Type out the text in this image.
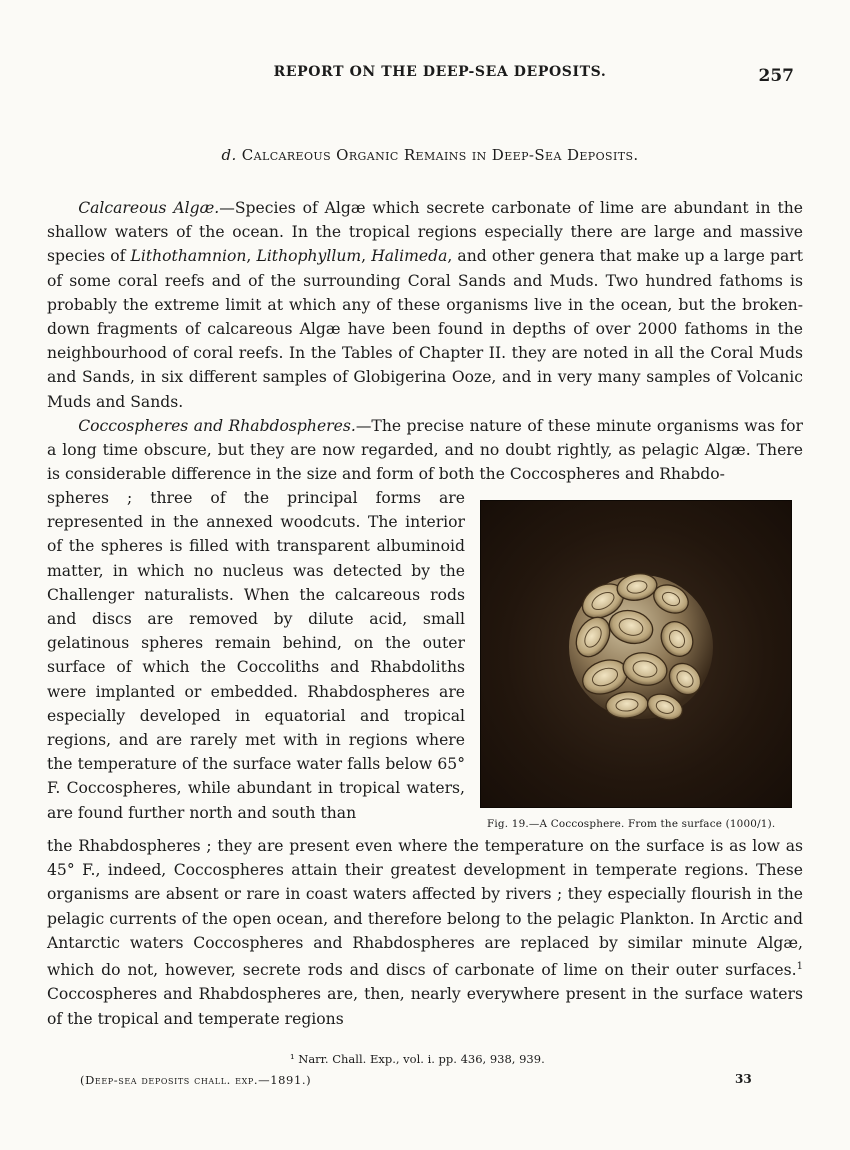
REPORT ON THE DEEP-SEA DEPOSITS.	257
d. Calcareous Organic Remains in Deep-Sea Deposits.

  Calcareous Algæ.—Species of Algæ which secrete carbonate of lime are abundant in the shallow waters of the ocean. In the tropical regions especially there are large and massive species of Lithothamnion, Lithophyllum, Halimeda, and other genera that make up a large part of some coral reefs and of the surrounding Coral Sands and Muds. Two hundred fathoms is probably the extreme limit at which any of these organisms live in the ocean, but the broken-down fragments of calcareous Algæ have been found in depths of over 2000 fathoms in the neighbourhood of coral reefs. In the Tables of Chapter II. they are noted in all the Coral Muds and Sands, in six different samples of Globigerina Ooze, and in very many samples of Volcanic Muds and Sands.

  Coccospheres and Rhabdospheres.—The precise nature of these minute organisms was for a long time obscure, but they are now regarded, and no doubt rightly, as pelagic Algæ. There is considerable difference in the size and form of both the Coccospheres and Rhabdo-

spheres ; three of the principal forms are represented in the annexed woodcuts. The interior of the spheres is filled with transparent albuminoid matter, in which no nucleus was detected by the Challenger naturalists. When the calcareous rods and discs are removed by dilute acid, small gelatinous spheres remain behind, on the outer surface of which the Coccoliths and Rhabdoliths were implanted or embedded. Rhabdospheres are especially developed in equatorial and tropical regions, and are rarely met with in regions where the temperature of the surface water falls below 65° F. Coccospheres, while abundant in tropical waters, are found further north and south than

Fig. 19.—A Coccosphere. From the surface (1000/1).

the Rhabdospheres ; they are present even where the temperature on the surface is as low as 45° F., indeed, Coccospheres attain their greatest development in temperate regions. These organisms are absent or rare in coast waters affected by rivers ; they especially flourish in the pelagic currents of the open ocean, and therefore belong to the pelagic Plankton. In Arctic and Antarctic waters Coccospheres and Rhabdospheres are replaced by similar minute Algæ, which do not, however, secrete rods and discs of carbonate of lime on their outer surfaces.$^1$ Coccospheres and Rhabdospheres are, then, nearly everywhere present in the surface waters of the tropical and temperate regions

¹ Narr. Chall. Exp., vol. i. pp. 436, 938, 939.
(Deep-sea deposits chall. exp.—1891.)	33
